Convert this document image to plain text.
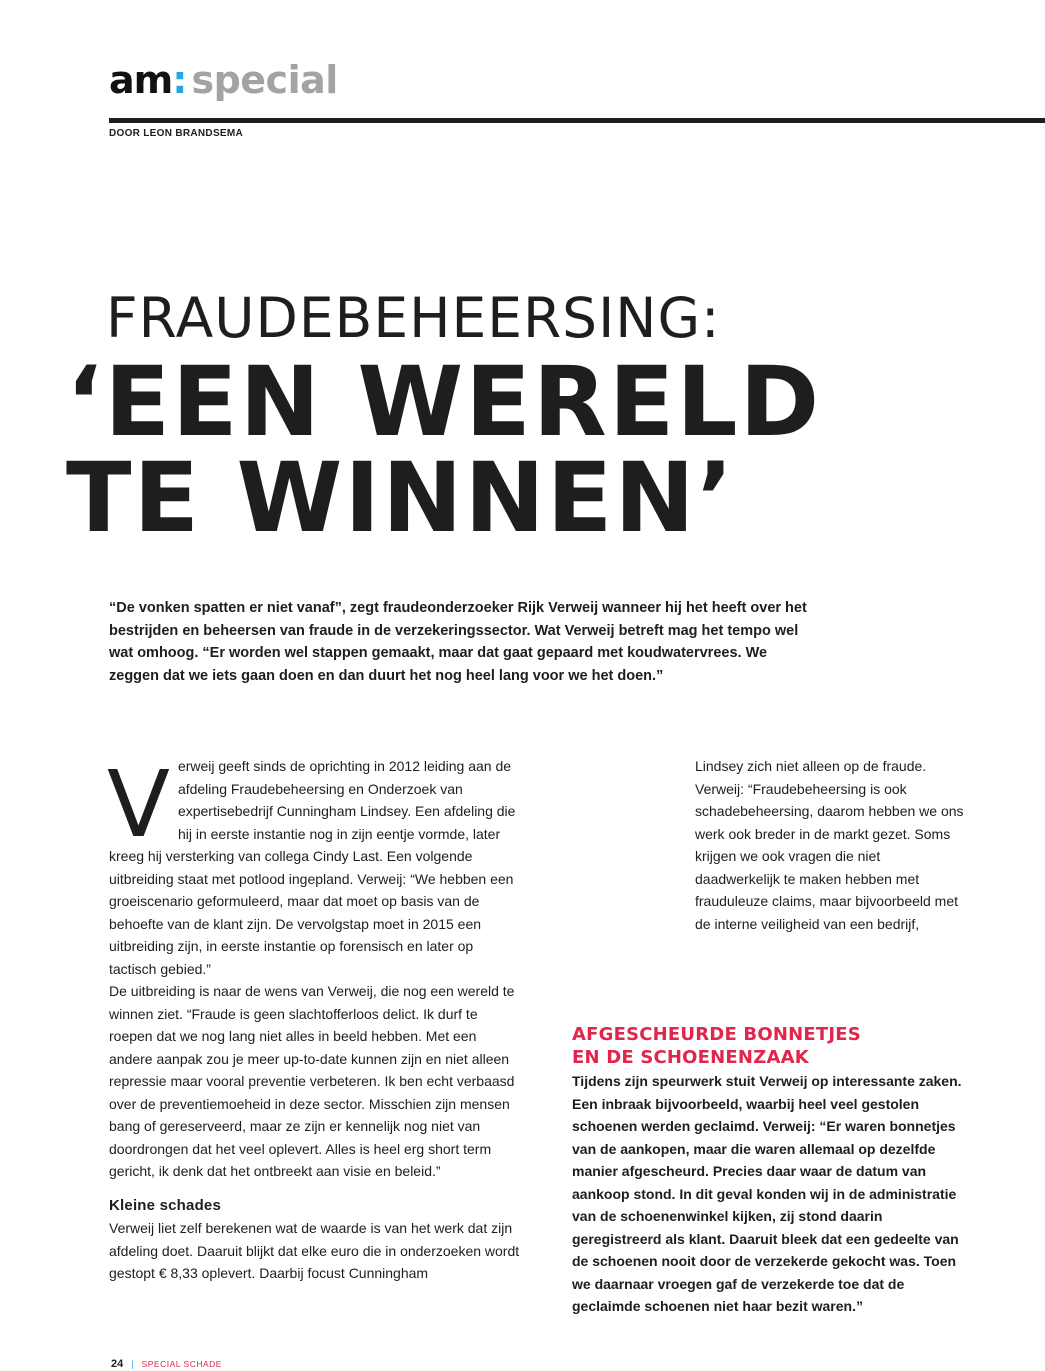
am: special
DOOR LEON BRANDSEMA
FRAUDEBEHEERSING:
‘EEN WERELD
TE WINNEN’
“De vonken spatten er niet vanaf”, zegt fraudeonderzoeker Rijk Verweij wanneer hij het heeft over het bestrijden en beheersen van fraude in de verzekeringssector. Wat Verweij betreft mag het tempo wel wat omhoog. “Er worden wel stappen gemaakt, maar dat gaat gepaard met koudwatervrees. We zeggen dat we iets gaan doen en dan duurt het nog heel lang voor we het doen.”
V erweij geeft sinds de oprichting in 2012 leiding aan de afdeling Fraudebeheersing en Onderzoek van expertisebedrijf Cunningham Lindsey. Een afdeling die hij in eerste instantie nog in zijn eentje vormde, later kreeg hij versterking van collega Cindy Last. Een volgende uitbreiding staat met potlood ingepland. Verweij: “We hebben een groeiscenario geformuleerd, maar dat moet op basis van de behoefte van de klant zijn. De vervolgstap moet in 2015 een uitbreiding zijn, in eerste instantie op forensisch en later op tactisch gebied.”

De uitbreiding is naar de wens van Verweij, die nog een wereld te winnen ziet. “Fraude is geen slachtofferloos delict. Ik durf te roepen dat we nog lang niet alles in beeld hebben. Met een andere aanpak zou je meer up-to-date kunnen zijn en niet alleen repressie maar vooral preventie verbeteren. Ik ben echt verbaasd over de preventiemoeheid in deze sector. Misschien zijn mensen bang of gereserveerd, maar ze zijn er kennelijk nog niet van doordrongen dat het veel oplevert. Alles is heel erg short term gericht, ik denk dat het ontbreekt aan visie en beleid.”

Kleine schades

Verweij liet zelf berekenen wat de waarde is van het werk dat zijn afdeling doet. Daaruit blijkt dat elke euro die in onderzoeken wordt gestopt € 8,33 oplevert. Daarbij focust Cunningham

Lindsey zich niet alleen op de fraude. Verweij: “Fraudebeheersing is ook schadebeheersing, daarom hebben we ons werk ook breder in de markt gezet. Soms krijgen we ook vragen die niet daadwerkelijk te maken hebben met frauduleuze claims, maar bijvoorbeeld met de interne veiligheid van een bedrijf,

AFGESCHEURDE BONNETJES
EN DE SCHOENENZAAK
Tijdens zijn speurwerk stuit Verweij op interessante zaken. Een inbraak bijvoorbeeld, waarbij heel veel gestolen schoenen werden geclaimd. Verweij: “Er waren bonnetjes van de aankopen, maar die waren allemaal op dezelfde manier afgescheurd. Precies daar waar de datum van aankoop stond. In dit geval konden wij in de administratie van de schoenenwinkel kijken, zij stond daarin geregistreerd als klant. Daaruit bleek dat een gedeelte van de schoenen nooit door de verzekerde gekocht was. Toen we daarnaar vroegen gaf de verzekerde toe dat de geclaimde schoenen niet haar bezit waren.”
24 | SPECIAL SCHADE
